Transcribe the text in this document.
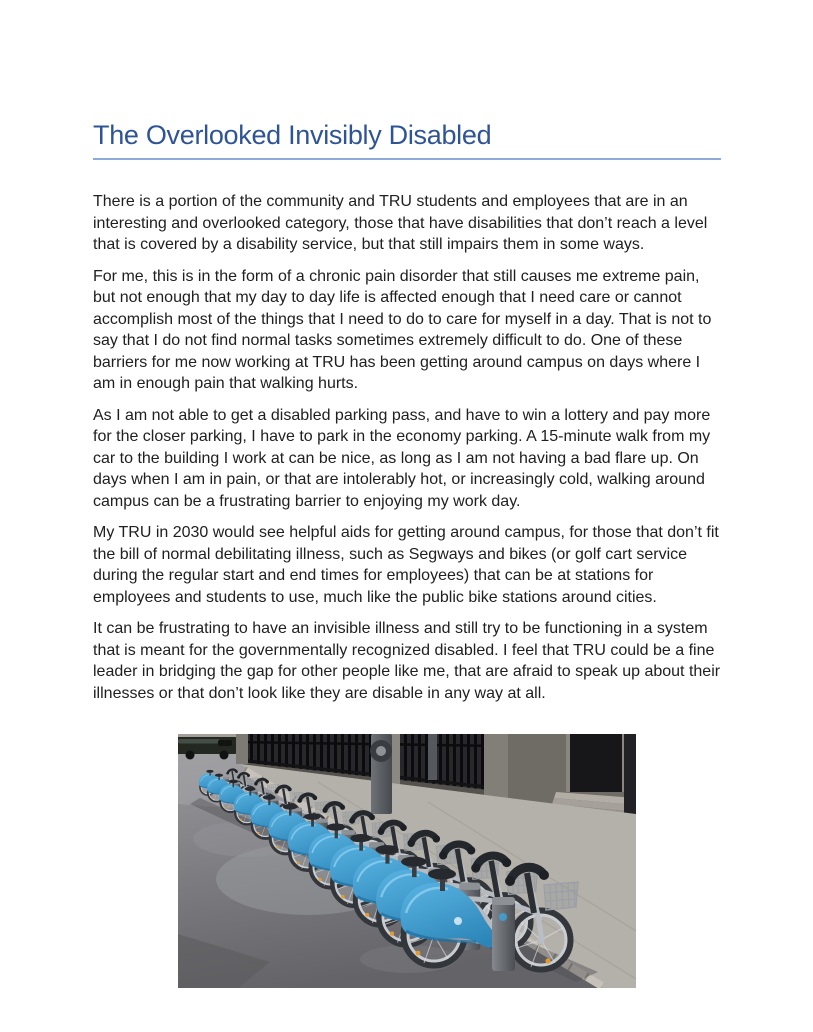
The Overlooked Invisibly Disabled

There is a portion of the community and TRU students and employees that are in an interesting and overlooked category, those that have disabilities that don’t reach a level that is covered by a disability service, but that still impairs them in some ways.

For me, this is in the form of a chronic pain disorder that still causes me extreme pain, but not enough that my day to day life is affected enough that I need care or cannot accomplish most of the things that I need to do to care for myself in a day. That is not to say that I do not find normal tasks sometimes extremely difficult to do. One of these barriers for me now working at TRU has been getting around campus on days where I am in enough pain that walking hurts.

As I am not able to get a disabled parking pass, and have to win a lottery and pay more for the closer parking, I have to park in the economy parking. A 15-minute walk from my car to the building I work at can be nice, as long as I am not having a bad flare up. On days when I am in pain, or that are intolerably hot, or increasingly cold, walking around campus can be a frustrating barrier to enjoying my work day.

My TRU in 2030 would see helpful aids for getting around campus, for those that don’t fit the bill of normal debilitating illness, such as Segways and bikes (or golf cart service during the regular start and end times for employees) that can be at stations for employees and students to use, much like the public bike stations around cities.

It can be frustrating to have an invisible illness and still try to be functioning in a system that is meant for the governmentally recognized disabled. I feel that TRU could be a fine leader in bridging the gap for other people like me, that are afraid to speak up about their illnesses or that don’t look like they are disable in any way at all.
